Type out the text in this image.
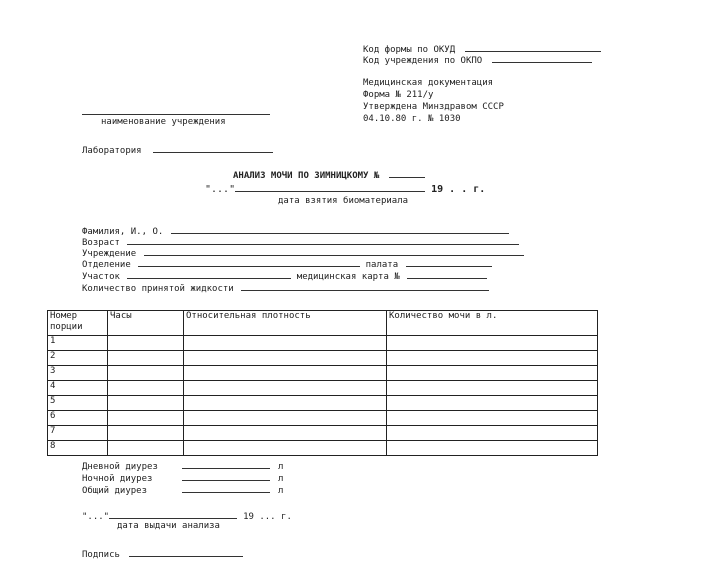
Код формы по ОКУД
Код учреждения по ОКПО
Медицинская документация
Форма № 211/у
Утверждена Минздравом СССР
04.10.80 г. № 1030
наименование учреждения
Лаборатория
АНАЛИЗ МОЧИ ПО ЗИМНИЦКОМУ №
"..."	19 . . г.
дата взятия биоматериала
Фамилия, И., О.
Возраст
Учреждение
Отделение	палата
Участок	медицинская карта №
Количество принятой жидкости
Номер порции	Часы	Относительная плотность	Количество мочи в л.
1			
2			
3			
4			
5			
6			
7			
8			
Дневной диурез	л
Ночной диурез	л
Общий диурез	л
"..."	19 ... г.
дата выдачи анализа
Подпись
